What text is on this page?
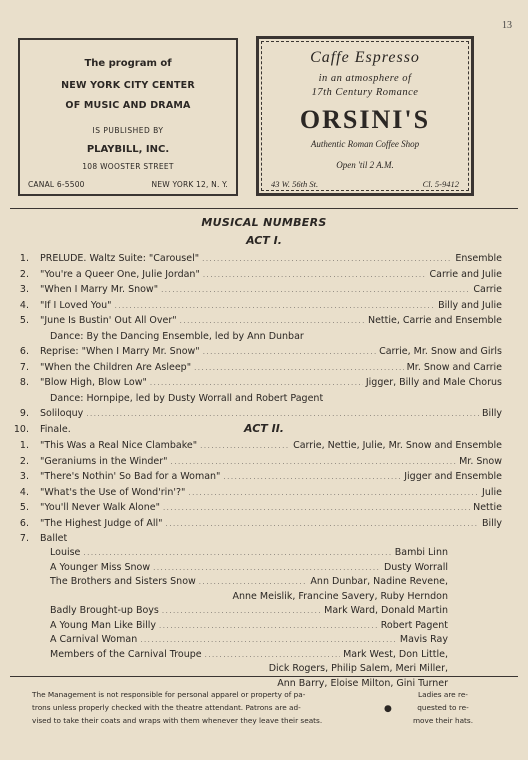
13
The program of
NEW YORK CITY CENTER
OF MUSIC AND DRAMA
IS PUBLISHED BY
PLAYBILL, INC.
108 WOOSTER STREET
CANAL 6-5500	NEW YORK 12, N. Y.
Caffe Espresso
in an atmosphere of
17th Century Romance
ORSINI'S
Authentic Roman Coffee Shop
Open 'til 2 A.M.
43 W. 56th St.	Cl. 5-9412
MUSICAL NUMBERS
ACT I.
1.	PRELUDE. Waltz Suite: "Carousel" .....	Ensemble
2.	"You're a Queer One, Julie Jordan" .....	Carrie and Julie
3.	"When I Marry Mr. Snow" .....	Carrie
4.	"If I Loved You" .....	Billy and Julie
5.	"June Is Bustin' Out All Over" .....	Nettie, Carrie and Ensemble
Dance: By the Dancing Ensemble, led by Ann Dunbar
6.	Reprise: "When I Marry Mr. Snow" .....	Carrie, Mr. Snow and Girls
7.	"When the Children Are Asleep" .....	Mr. Snow and Carrie
8.	"Blow High, Blow Low" .....	Jigger, Billy and Male Chorus
Dance: Hornpipe, led by Dusty Worrall and Robert Pagent
9.	Soliloquy .....	Billy
10.	Finale.	ACT II.
1.	"This Was a Real Nice Clambake" .....	Carrie, Nettie, Julie, Mr. Snow and Ensemble
2.	"Geraniums in the Winder" .....	Mr. Snow
3.	"There's Nothin' So Bad for a Woman" .....	Jigger and Ensemble
4.	"What's the Use of Wond'rin'?" .....	Julie
5.	"You'll Never Walk Alone" .....	Nettie
6.	"The Highest Judge of All" .....	Billy
7.	Ballet
Louise .....	Bambi Linn
A Younger Miss Snow .....	Dusty Worrall
The Brothers and Sisters Snow .....	Ann Dunbar, Nadine Revene,
Anne Meislik, Francine Savery, Ruby Herndon
Badly Brought-up Boys .....	Mark Ward, Donald Martin
A Young Man Like Billy .....	Robert Pagent
A Carnival Woman .....	Mavis Ray
Members of the Carnival Troupe .....	Mark West, Don Little,
Dick Rogers, Philip Salem, Meri Miller,
Ann Barry, Eloise Milton, Gini Turner
The Management is not responsible for personal apparel or property of pa-
trons unless properly checked with the theatre attendant. Patrons are ad-
vised to take their coats and wraps with them whenever they leave their seats.
●
Ladies are re-
quested to re-
move their hats.
